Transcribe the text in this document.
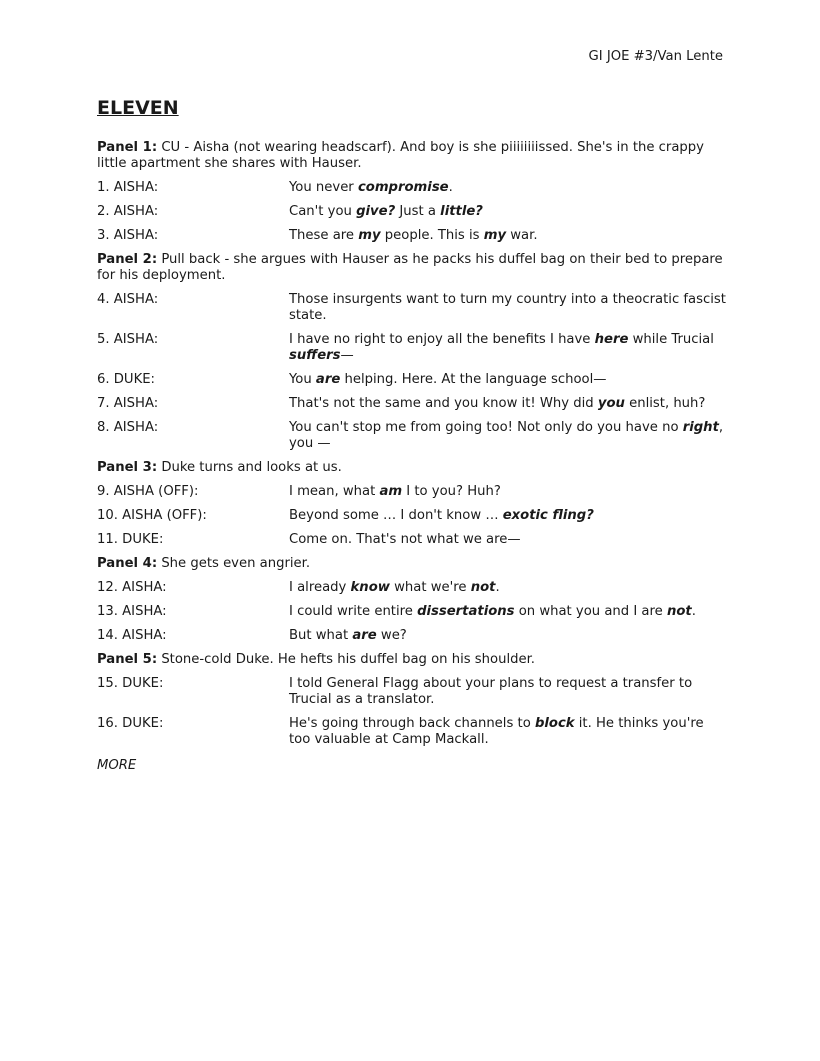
GI JOE #3/Van Lente
ELEVEN
Panel 1: CU - Aisha (not wearing headscarf). And boy is she piiiiiiiissed. She's in the crappy little apartment she shares with Hauser.
1. AISHA:	You never compromise.
2. AISHA:	Can't you give? Just a little?
3. AISHA:	These are my people. This is my war.
Panel 2: Pull back - she argues with Hauser as he packs his duffel bag on their bed to prepare for his deployment.
4. AISHA:	Those insurgents want to turn my country into a theocratic fascist state.
5. AISHA:	I have no right to enjoy all the benefits I have here while Trucial suffers—
6. DUKE:	You are helping. Here. At the language school—
7. AISHA:	That's not the same and you know it! Why did you enlist, huh?
8. AISHA:	You can't stop me from going too! Not only do you have no right, you —
Panel 3: Duke turns and looks at us.
9. AISHA (OFF):	I mean, what am I to you? Huh?
10. AISHA (OFF):	Beyond some … I don't know … exotic fling?
11. DUKE:	Come on. That's not what we are—
Panel 4: She gets even angrier.
12. AISHA:	I already know what we're not.
13. AISHA:	I could write entire dissertations on what you and I are not.
14. AISHA:	But what are we?
Panel 5: Stone-cold Duke. He hefts his duffel bag on his shoulder.
15. DUKE:	I told General Flagg about your plans to request a transfer to Trucial as a translator.
16. DUKE:	He's going through back channels to block it. He thinks you're too valuable at Camp Mackall.

MORE
